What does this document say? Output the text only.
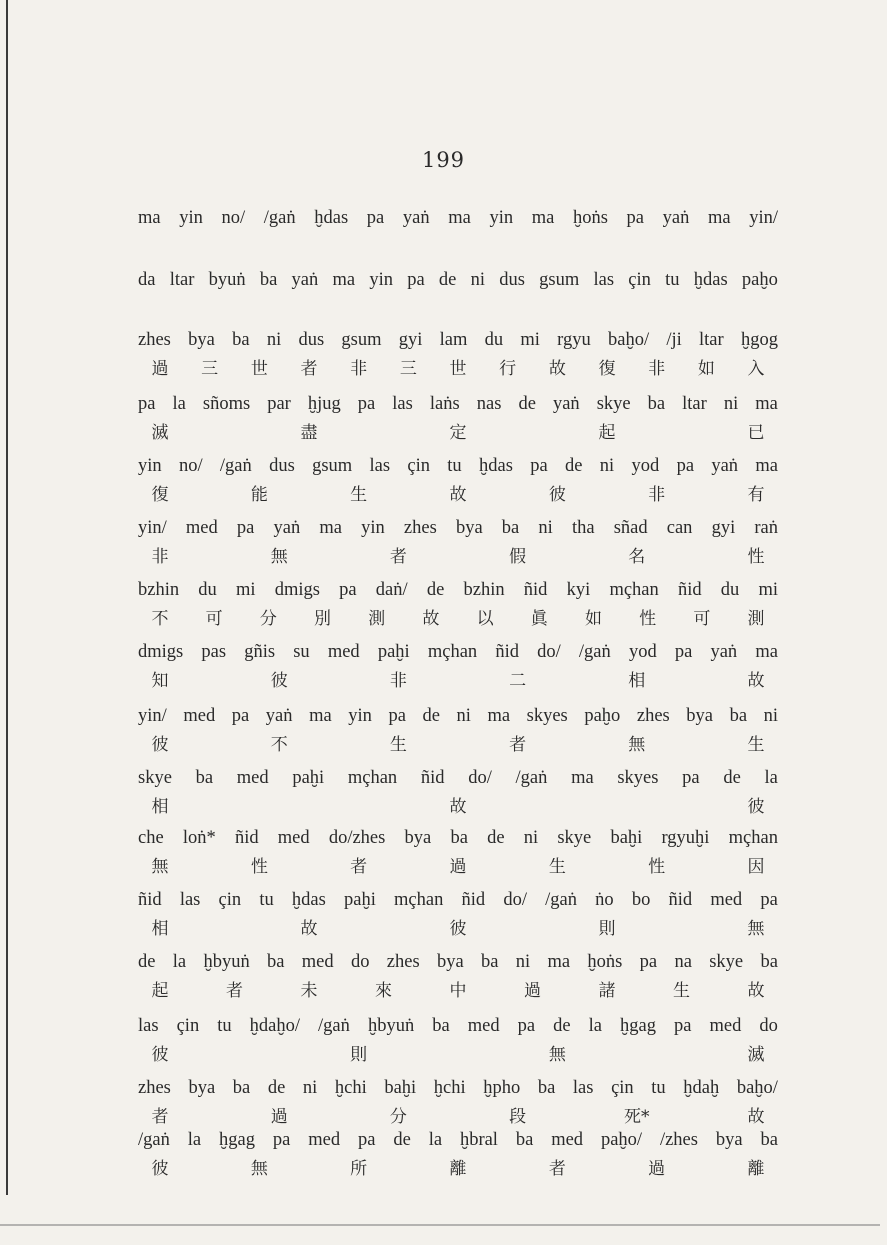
199
ma yin no/ /gaṅ ḫdas pa yaṅ ma yin ma ḫoṅs pa yaṅ ma yin/
da ltar byuṅ ba yaṅ ma yin pa de ni dus gsum las çin tu ḫdas paḫo
zhes bya ba ni dus gsum gyi lam du mi rgyu baḫo/ /ji ltar ḫgog
過 三 世 者 非 三 世 行 故 復 非 如 入
pa la sñoms par ḫjug pa las laṅs nas de yaṅ skye ba ltar ni ma
滅	盡	定	起	已
yin no/ /gaṅ dus gsum las çin tu ḫdas pa de ni yod pa yaṅ ma
復	能	生	故	彼	非	有
yin/ med pa yaṅ ma yin zhes bya ba ni tha sñad can gyi raṅ
非	無	者	假	名	性
bzhin du mi dmigs pa daṅ/ de bzhin ñid kyi mçhan ñid du mi
不 可 分 別 測 故 以 眞 如 性 可 測
dmigs pas gñis su med paḫi mçhan ñid do/ /gaṅ yod pa yaṅ ma
知	彼	非	二	相	故
yin/ med pa yaṅ ma yin pa de ni ma skyes paḫo zhes bya ba ni
彼	不	生	者	無	生
skye ba med paḫi mçhan ñid do/ /gaṅ ma skyes pa de la
相	故	彼
che loṅ* ñid med do/zhes bya ba de ni skye baḫi rgyuḫi mçhan
無	性	者	過	生	性	因
ñid las çin tu ḫdas paḫi mçhan ñid do/ /gaṅ ṅo bo ñid med pa
相	故	彼	則	無
de la ḫbyuṅ ba med do zhes bya ba ni ma ḫoṅs pa na skye ba
起	者	未	來	中	過	諸	生	故
las çin tu ḫdaḫo/ /gaṅ ḫbyuṅ ba med pa de la ḫgag pa med do
彼	則	無	滅
zhes bya ba de ni ḫchi baḫi ḫchi ḫpho ba las çin tu ḫdaḫ baḫo/
者	過	分	段	死*	故
/gaṅ la ḫgag pa med pa de la ḫbral ba med paḫo/ /zhes bya ba
彼	無	所	離	者	過	離
